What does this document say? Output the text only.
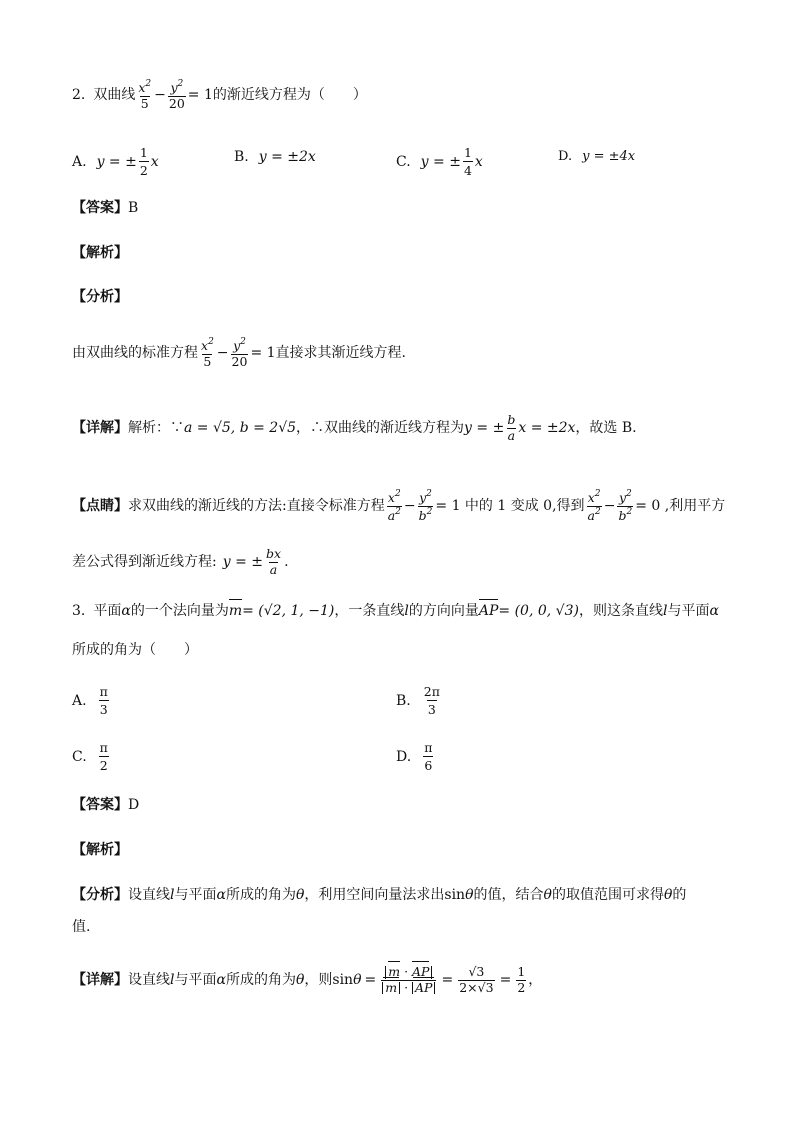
2. 双曲线 $\frac{x^2}{5} - \frac{y^2}{20} = 1$ 的渐近线方程为（　　）
A. y = ± $\frac{1}{2}$ x	B. y = ±2x	C. y = ± $\frac{1}{4}$ x	D. y = ±4x
【答案】 B
【解析】
【分析】
由双曲线的标准方程 $\frac{x^2}{5} - \frac{y^2}{20} = 1$ 直接求其渐近线方程.
【详解】 解析：∵ a = √5, b = 2√5 ，∴双曲线的渐近线方程为 y = ± $\frac{b}{a}$ x = ±2x ，故选 B.
【点睛】 求双曲线的渐近线的方法:直接令标准方程 $\frac{x^2}{a^2} - \frac{y^2}{b^2} = 1$ 中的 1 变成 0,得到 $\frac{x^2}{a^2} - \frac{y^2}{b^2} = 0$ ,利用平方
差公式得到渐近线方程: y = ± $\frac{bx}{a}$ .
3. 平面 α 的一个法向量为 m = (√2, 1, −1) ，一条直线 l 的方向向量 AP = (0, 0, √3) ，则这条直线 l 与平面 α
所成的角为（　　）
A. $\frac{\pi}{3}$	B. $\frac{2\pi}{3}$
C. $\frac{\pi}{2}$	D. $\frac{\pi}{6}$
【答案】 D
【解析】
【分析】 设直线 l 与平面 α 所成的角为 θ ，利用空间向量法求出 sin θ 的值，结合 θ 的取值范围可求得 θ 的
值.
【详解】 设直线 l 与平面 α 所成的角为 θ ，则 $\sin \theta = \frac{m \cdot AP}{m \cdot AP} = \frac{√3}{2\times√3} = \frac{1}{2}$ ，
